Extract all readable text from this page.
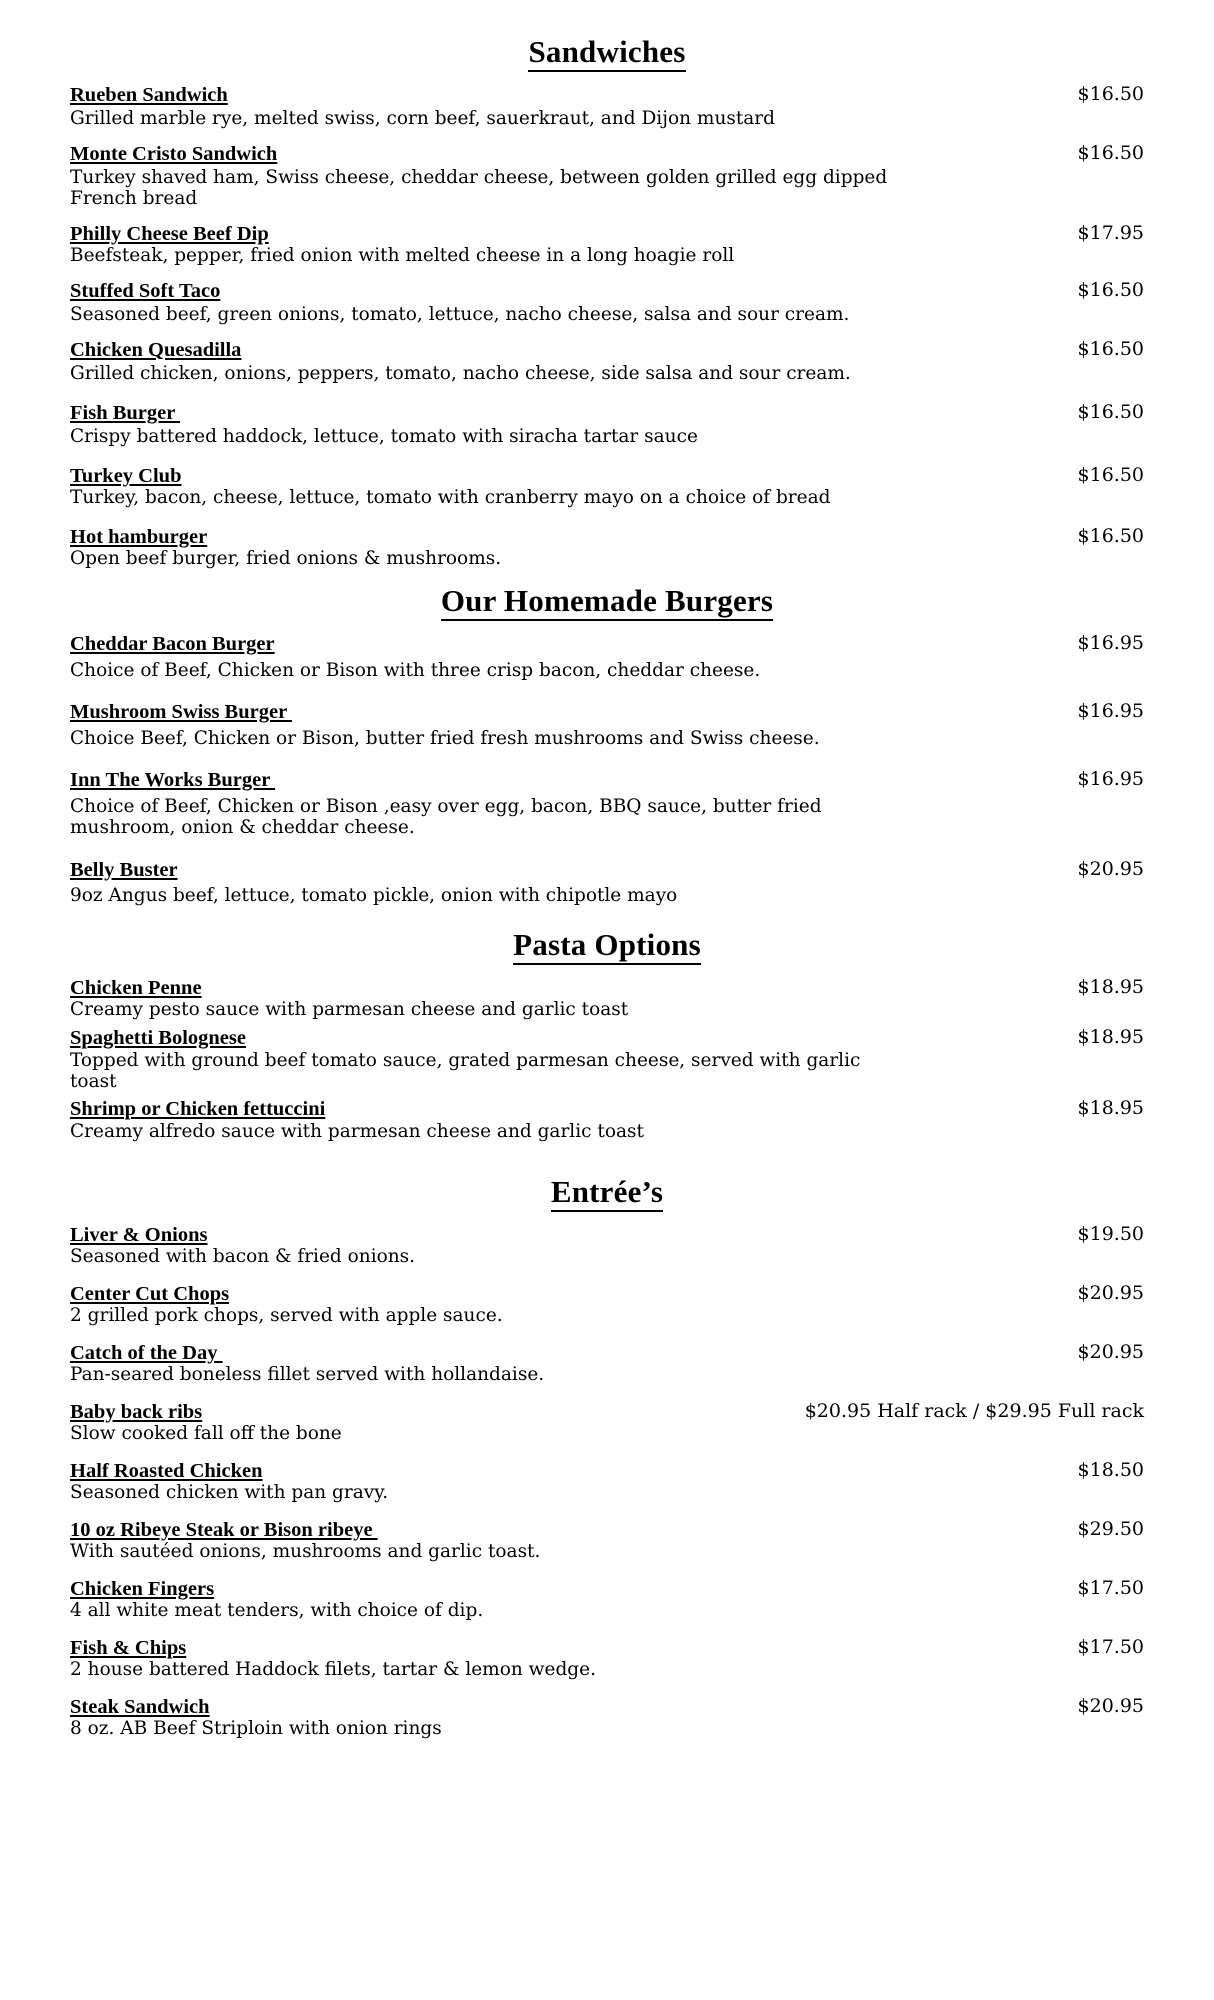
Sandwiches
Rueben Sandwich	$16.50
Grilled marble rye, melted swiss, corn beef, sauerkraut, and Dijon mustard
Monte Cristo Sandwich	$16.50
Turkey shaved ham, Swiss cheese, cheddar cheese, between golden grilled egg dipped French bread
Philly Cheese Beef Dip	$17.95
Beefsteak, pepper, fried onion with melted cheese in a long hoagie roll
Stuffed Soft Taco	$16.50
Seasoned beef, green onions, tomato, lettuce, nacho cheese, salsa and sour cream.
Chicken Quesadilla	$16.50
Grilled chicken, onions, peppers, tomato, nacho cheese, side salsa and sour cream.
Fish Burger	$16.50
Crispy battered haddock, lettuce, tomato with siracha tartar sauce
Turkey Club	$16.50
Turkey, bacon, cheese, lettuce, tomato with cranberry mayo on a choice of bread
Hot hamburger	$16.50
Open beef burger, fried onions & mushrooms.
Our Homemade Burgers
Cheddar Bacon Burger	$16.95
Choice of Beef, Chicken or Bison with three crisp bacon, cheddar cheese.
Mushroom Swiss Burger	$16.95
Choice Beef, Chicken or Bison, butter fried fresh mushrooms and Swiss cheese.
Inn The Works Burger	$16.95
Choice of Beef, Chicken or Bison ,easy over egg, bacon, BBQ sauce, butter fried mushroom, onion & cheddar cheese.
Belly Buster	$20.95
9oz Angus beef, lettuce, tomato pickle, onion with chipotle mayo
Pasta Options
Chicken Penne	$18.95
Creamy pesto sauce with parmesan cheese and garlic toast
Spaghetti Bolognese	$18.95
Topped with ground beef tomato sauce, grated parmesan cheese, served with garlic toast
Shrimp or Chicken fettuccini	$18.95
Creamy alfredo sauce with parmesan cheese and garlic toast
Entrée’s
Liver & Onions	$19.50
Seasoned with bacon & fried onions.
Center Cut Chops	$20.95
2 grilled pork chops, served with apple sauce.
Catch of the Day	$20.95
Pan-seared boneless fillet served with hollandaise.
Baby back ribs	$20.95 Half rack / $29.95 Full rack
Slow cooked fall off the bone
Half Roasted Chicken	$18.50
Seasoned chicken with pan gravy.
10 oz Ribeye Steak or Bison ribeye	$29.50
With sautéed onions, mushrooms and garlic toast.
Chicken Fingers	$17.50
4 all white meat tenders, with choice of dip.
Fish & Chips	$17.50
2 house battered Haddock filets, tartar & lemon wedge.
Steak Sandwich	$20.95
8 oz. AB Beef Striploin with onion rings
